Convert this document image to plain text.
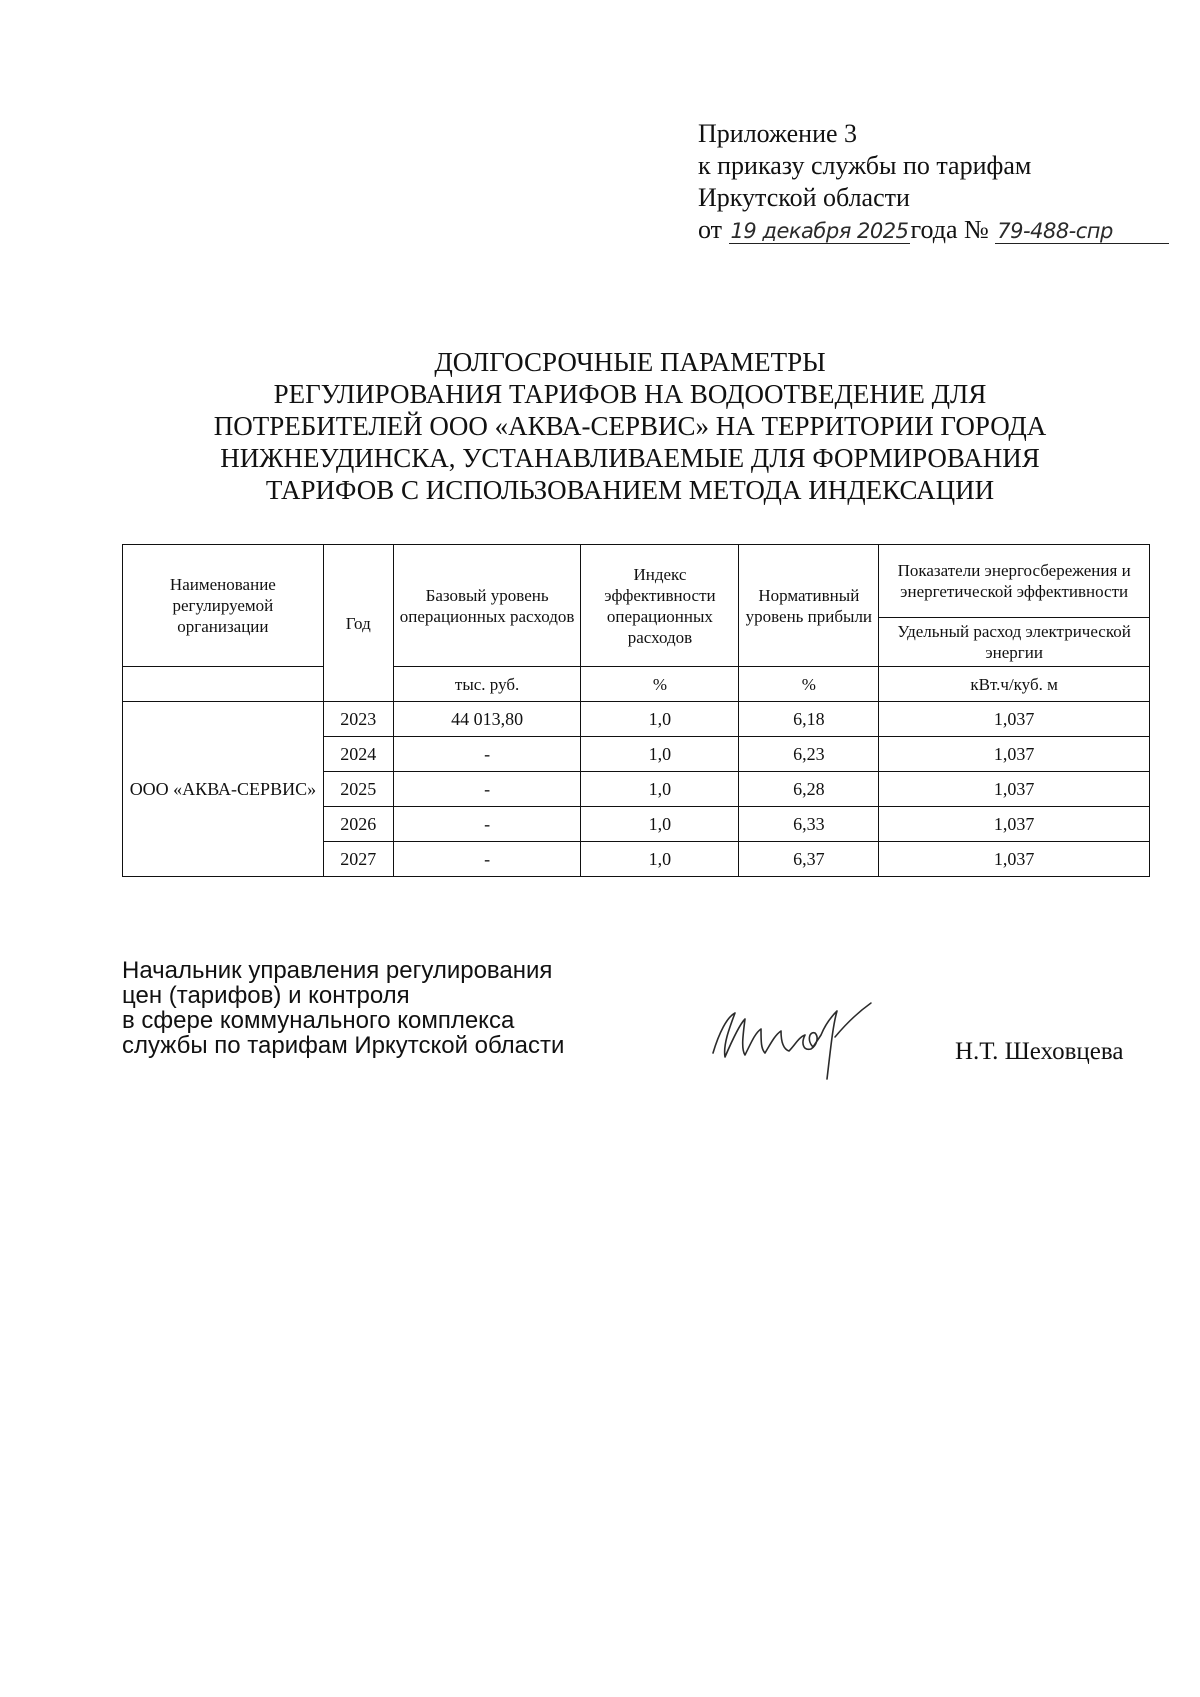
Приложение 3
к приказу службы по тарифам
Иркутской области
от 19 декабря 2025года № 79-488-спр
ДОЛГОСРОЧНЫЕ ПАРАМЕТРЫ
РЕГУЛИРОВАНИЯ ТАРИФОВ НА ВОДООТВЕДЕНИЕ ДЛЯ
ПОТРЕБИТЕЛЕЙ ООО «АКВА-СЕРВИС» НА ТЕРРИТОРИИ ГОРОДА
НИЖНЕУДИНСКА, УСТАНАВЛИВАЕМЫЕ ДЛЯ ФОРМИРОВАНИЯ
ТАРИФОВ С ИСПОЛЬЗОВАНИЕМ МЕТОДА ИНДЕКСАЦИИ
Наименование регулируемой организации	Год	Базовый уровень операционных расходов	Индекс эффективности операционных расходов	Нормативный уровень прибыли	Показатели энергосбережения и энергетической эффективности
					Удельный расход электрической энергии
		тыс. руб.	%	%	кВт.ч/куб. м
ООО «АКВА-СЕРВИС»	2023	44 013,80	1,0	6,18	1,037
	2024	-	1,0	6,23	1,037
	2025	-	1,0	6,28	1,037
	2026	-	1,0	6,33	1,037
	2027	-	1,0	6,37	1,037
Начальник управления регулирования
цен (тарифов) и контроля
в сфере коммунального комплекса
службы по тарифам Иркутской области	Н.Т. Шеховцева
